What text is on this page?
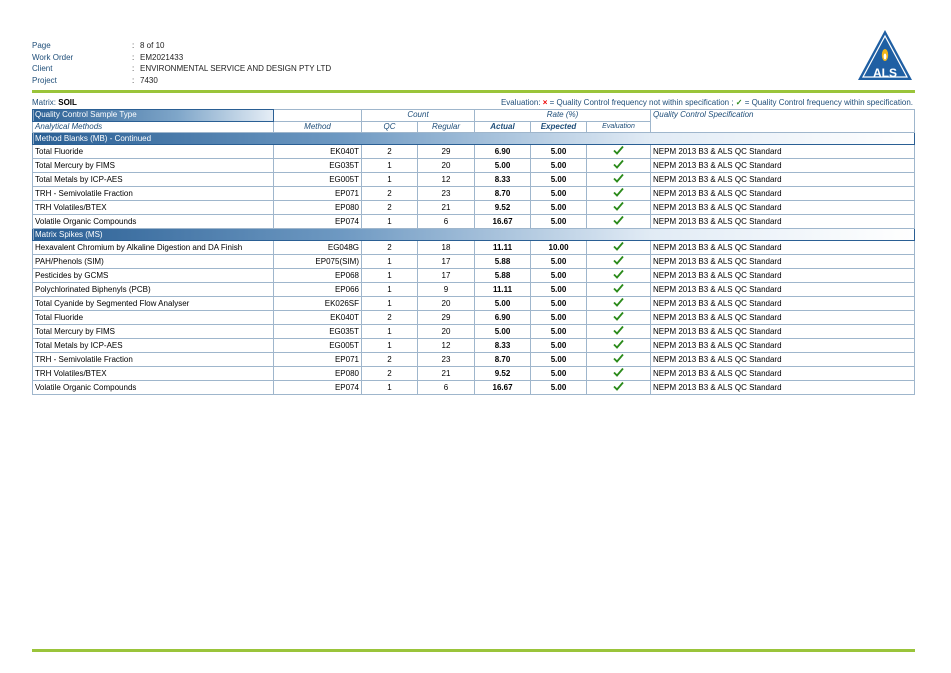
Page	: 8 of 10
Work Order	: EM2021433
Client	: ENVIRONMENTAL SERVICE AND DESIGN PTY LTD
Project	: 7430	ALS
Matrix: SOIL	Evaluation: × = Quality Control frequency not within specification ; ✓ = Quality Control frequency within specification.
Quality Control Sample Type		Count		Rate (%)			Quality Control Specification
Analytical Methods	Method	QC	Regular	Actual	Expected	Evaluation	
Method Blanks (MB) - Continued							
Total Fluoride	EK040T	2	29	6.90	5.00		NEPM 2013 B3 & ALS QC Standard
Total Mercury by FIMS	EG035T	1	20	5.00	5.00		NEPM 2013 B3 & ALS QC Standard
Total Metals by ICP-AES	EG005T	1	12	8.33	5.00		NEPM 2013 B3 & ALS QC Standard
TRH - Semivolatile Fraction	EP071	2	23	8.70	5.00		NEPM 2013 B3 & ALS QC Standard
TRH Volatiles/BTEX	EP080	2	21	9.52	5.00		NEPM 2013 B3 & ALS QC Standard
Volatile Organic Compounds	EP074	1	6	16.67	5.00		NEPM 2013 B3 & ALS QC Standard
Matrix Spikes (MS)							
Hexavalent Chromium by Alkaline Digestion and DA Finish	EG048G	2	18	11.11	10.00		NEPM 2013 B3 & ALS QC Standard
PAH/Phenols (SIM)	EP075(SIM)	1	17	5.88	5.00		NEPM 2013 B3 & ALS QC Standard
Pesticides by GCMS	EP068	1	17	5.88	5.00		NEPM 2013 B3 & ALS QC Standard
Polychlorinated Biphenyls (PCB)	EP066	1	9	11.11	5.00		NEPM 2013 B3 & ALS QC Standard
Total Cyanide by Segmented Flow Analyser	EK026SF	1	20	5.00	5.00		NEPM 2013 B3 & ALS QC Standard
Total Fluoride	EK040T	2	29	6.90	5.00		NEPM 2013 B3 & ALS QC Standard
Total Mercury by FIMS	EG035T	1	20	5.00	5.00		NEPM 2013 B3 & ALS QC Standard
Total Metals by ICP-AES	EG005T	1	12	8.33	5.00		NEPM 2013 B3 & ALS QC Standard
TRH - Semivolatile Fraction	EP071	2	23	8.70	5.00		NEPM 2013 B3 & ALS QC Standard
TRH Volatiles/BTEX	EP080	2	21	9.52	5.00		NEPM 2013 B3 & ALS QC Standard
Volatile Organic Compounds	EP074	1	6	16.67	5.00		NEPM 2013 B3 & ALS QC Standard
